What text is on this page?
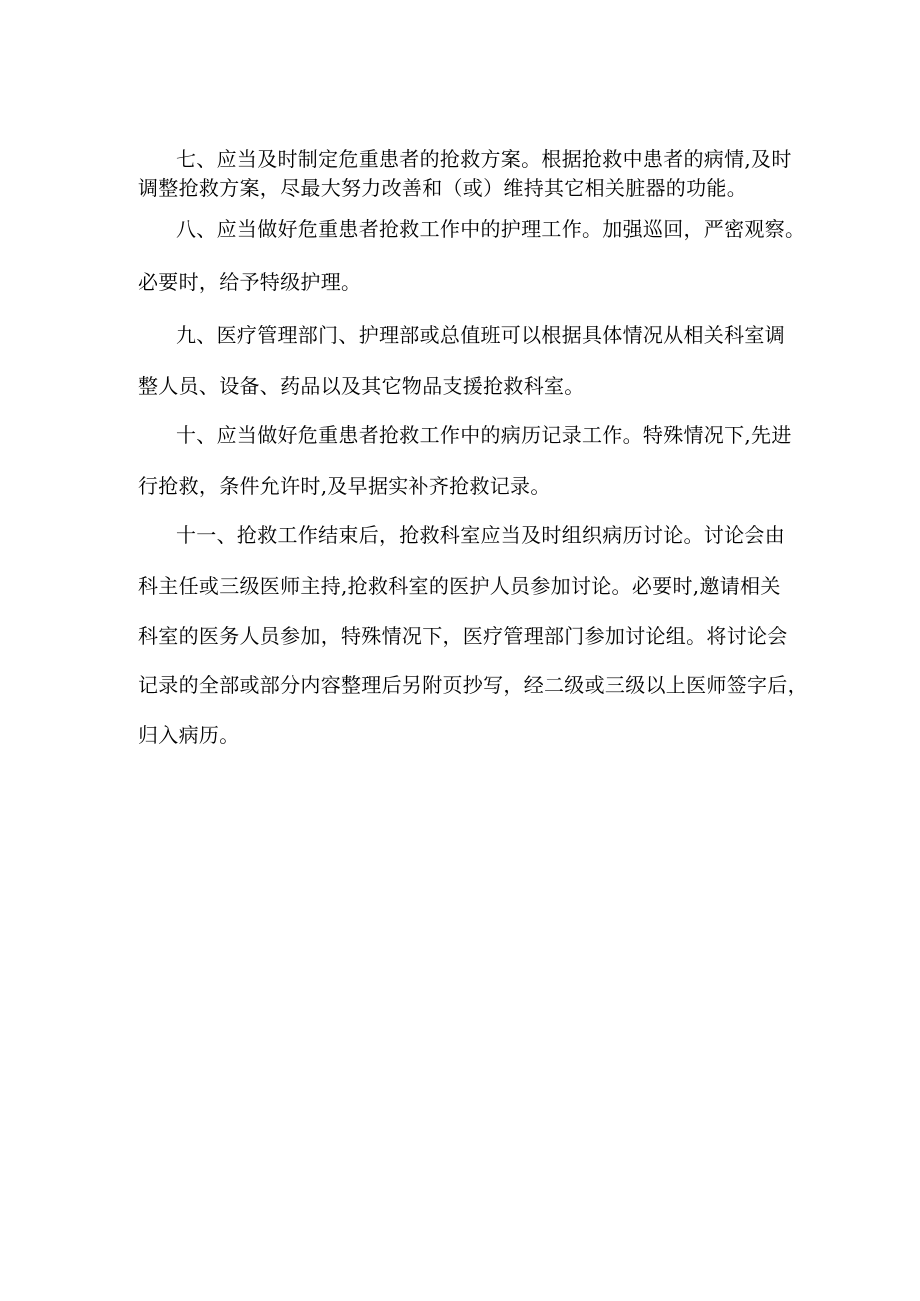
七、应当及时制定危重患者的抢救方案。根据抢救中患者的病情,及时

调整抢救方案，尽最大努力改善和（或）维持其它相关脏器的功能。

八、应当做好危重患者抢救工作中的护理工作。加强巡回，严密观察。

必要时，给予特级护理。

九、医疗管理部门、护理部或总值班可以根据具体情况从相关科室调

整人员、设备、药品以及其它物品支援抢救科室。

十、应当做好危重患者抢救工作中的病历记录工作。特殊情况下,先进

行抢救，条件允许时,及早据实补齐抢救记录。

十一、抢救工作结束后，抢救科室应当及时组织病历讨论。讨论会由

科主任或三级医师主持,抢救科室的医护人员参加讨论。必要时,邀请相关

科室的医务人员参加，特殊情况下，医疗管理部门参加讨论组。将讨论会

记录的全部或部分内容整理后另附页抄写，经二级或三级以上医师签字后，

归入病历。
